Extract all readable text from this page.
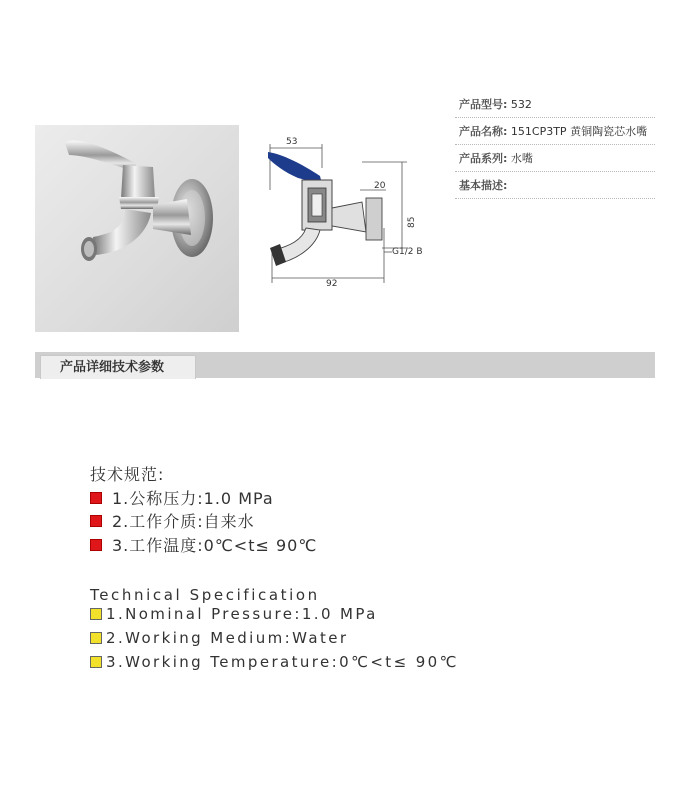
53
20
85
G1/2 B
92
产品型号: 532
产品名称: 151CP3TP 黄铜陶瓷芯水嘴
产品系列: 水嘴
基本描述:
产品详细技术参数
技术规范:
1.公称压力:1.0 MPa
2.工作介质:自来水
3.工作温度:0℃<t≤ 90℃
Technical Specification
1.Nominal Pressure:1.0 MPa
2.Working Medium:Water
3.Working Temperature:0℃<t≤ 90℃
